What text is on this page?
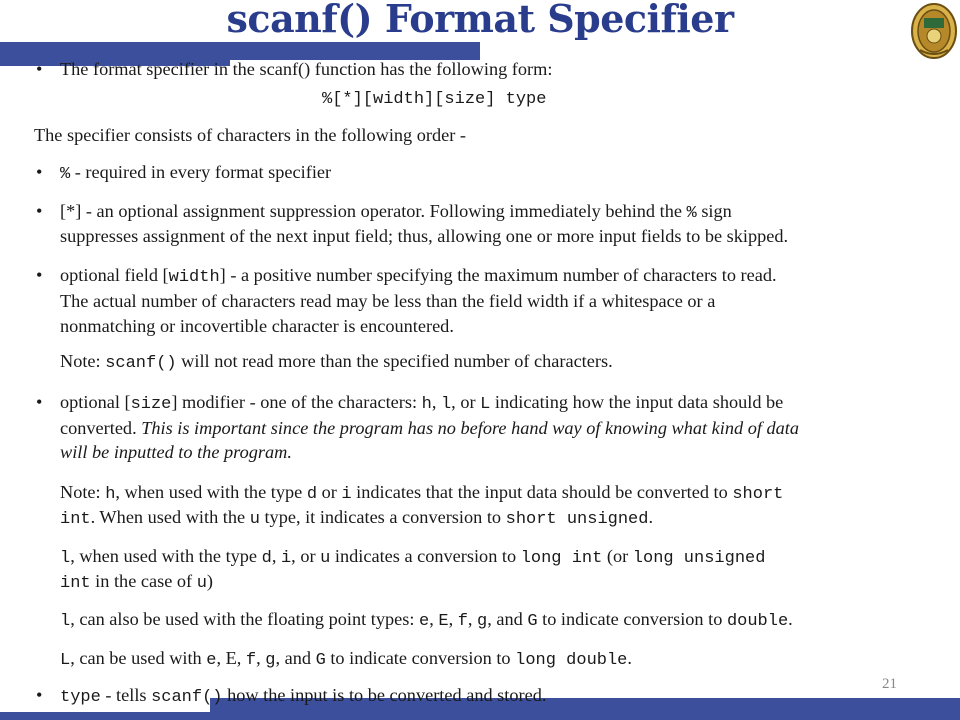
scanf() Format Specifier
• The format specifier in the scanf() function has the following form:
%[*][width][size] type
The specifier consists of characters in the following order -
• % - required in every format specifier
• [*] - an optional assignment suppression operator. Following immediately behind the % sign
suppresses assignment of the next input field; thus, allowing one or more input fields to be skipped.
• optional field [width] - a positive number specifying the maximum number of characters to read.
The actual number of characters read may be less than the field width if a whitespace or a
nonmatching or incovertible character is encountered.
Note: scanf() will not read more than the specified number of characters.
• optional [size] modifier - one of the characters: h, l, or L indicating how the input data should be
converted. This is important since the program has no before hand way of knowing what kind of data
will be inputted to the program.
Note: h, when used with the type d or i indicates that the input data should be converted to short
int. When used with the u type, it indicates a conversion to short unsigned.
l, when used with the type d, i, or u indicates a conversion to long int (or long unsigned
int in the case of u)
l, can also be used with the floating point types: e, E, f, g, and G to indicate conversion to double.
L, can be used with e, E, f, g, and G to indicate conversion to long double.
• type - tells scanf() how the input is to be converted and stored.
21
